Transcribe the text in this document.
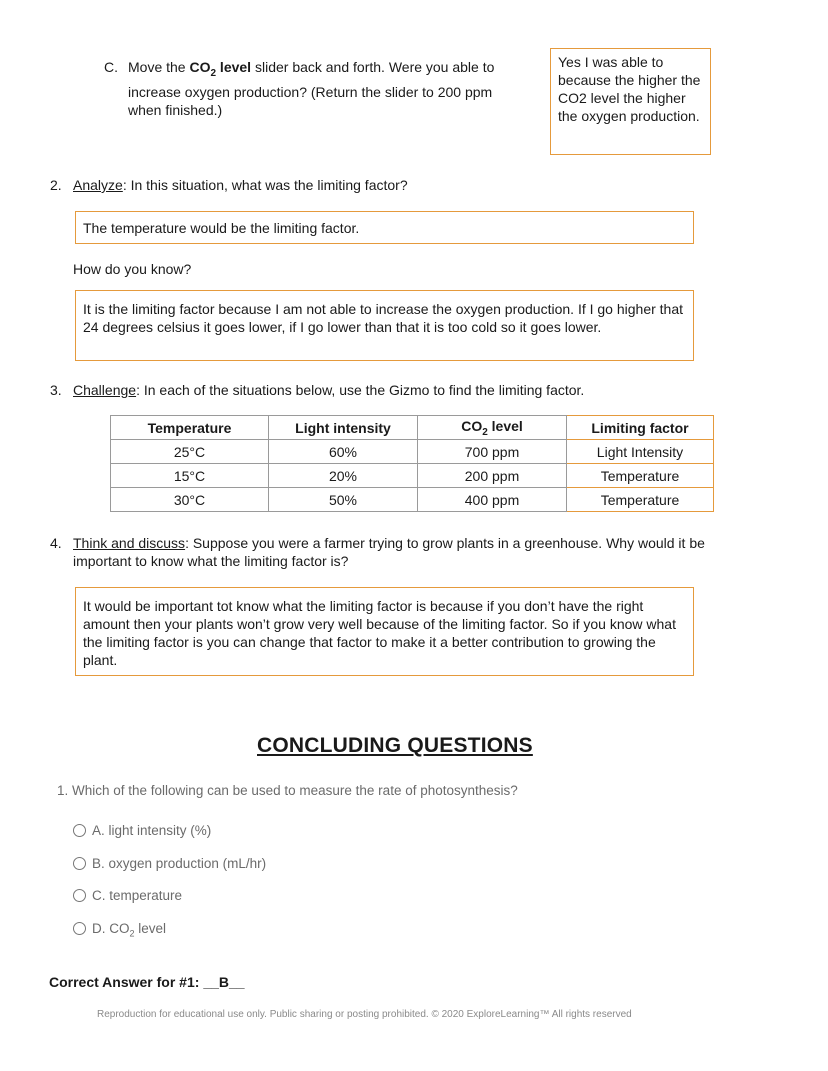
C. Move the $CO_2$ level slider back and forth. Were you able to
increase oxygen production? (Return the slider to 200 ppm
when finished.)
Yes I was able to because the higher the CO2 level the higher the oxygen production.
2. Analyze: In this situation, what was the limiting factor?
The temperature would be the limiting factor.
How do you know?
It is the limiting factor because I am not able to increase the oxygen production. If I go higher that 24 degrees celsius it goes lower, if I go lower than that it is too cold so it goes lower.
3. Challenge: In each of the situations below, use the Gizmo to find the limiting factor.
Temperature	Light intensity	$CO_2$ level	Limiting factor
25°C	60%	700 ppm	Light Intensity
15°C	20%	200 ppm	Temperature
30°C	50%	400 ppm	Temperature
4. Think and discuss: Suppose you were a farmer trying to grow plants in a greenhouse. Why would it be
important to know what the limiting factor is?
It would be important tot know what the limiting factor is because if you don’t have the right amount then your plants won’t grow very well because of the limiting factor. So if you know what the limiting factor is you can change that factor to make it a better contribution to growing the plant.
CONCLUDING QUESTIONS
1. Which of the following can be used to measure the rate of photosynthesis?
A. light intensity (%)
B. oxygen production (mL/hr)
C. temperature
D. $CO_2$ level
Correct Answer for #1: __B__
Reproduction for educational use only. Public sharing or posting prohibited. © 2020 ExploreLearning™ All rights reserved
